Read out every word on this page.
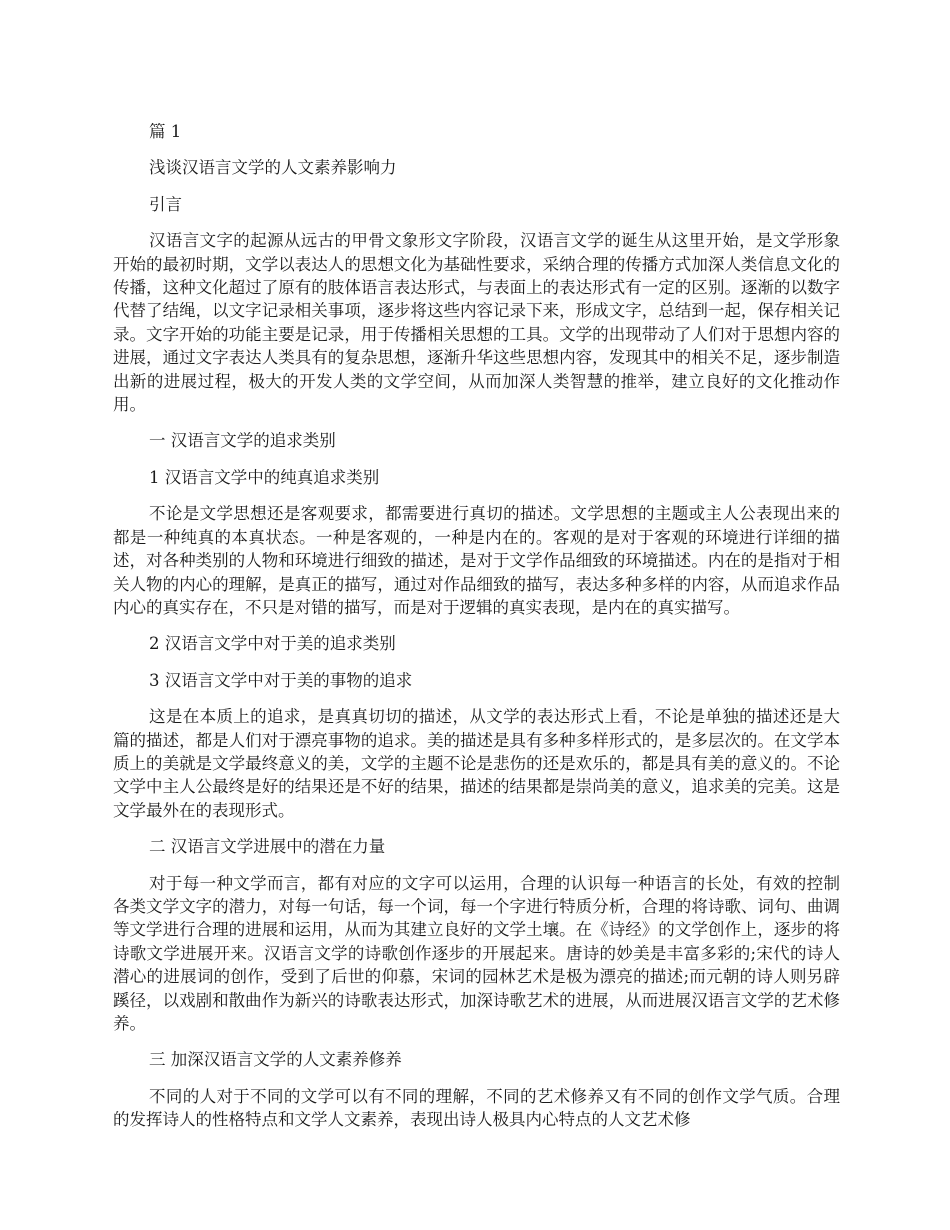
篇 1

浅谈汉语言文学的人文素养影响力

引言

汉语言文字的起源从远古的甲骨文象形文字阶段，汉语言文学的诞生从这里开始，是文学形象开始的最初时期，文学以表达人的思想文化为基础性要求，采纳合理的传播方式加深人类信息文化的传播，这种文化超过了原有的肢体语言表达形式，与表面上的表达形式有一定的区别。逐渐的以数字代替了结绳，以文字记录相关事项，逐步将这些内容记录下来，形成文字，总结到一起，保存相关记录。文字开始的功能主要是记录，用于传播相关思想的工具。文学的出现带动了人们对于思想内容的进展，通过文字表达人类具有的复杂思想，逐渐升华这些思想内容，发现其中的相关不足，逐步制造出新的进展过程，极大的开发人类的文学空间，从而加深人类智慧的推举，建立良好的文化推动作用。

一 汉语言文学的追求类别

1 汉语言文学中的纯真追求类别

不论是文学思想还是客观要求，都需要进行真切的描述。文学思想的主题或主人公表现出来的都是一种纯真的本真状态。一种是客观的，一种是内在的。客观的是对于客观的环境进行详细的描述，对各种类别的人物和环境进行细致的描述，是对于文学作品细致的环境描述。内在的是指对于相关人物的内心的理解，是真正的描写，通过对作品细致的描写，表达多种多样的内容，从而追求作品内心的真实存在，不只是对错的描写，而是对于逻辑的真实表现，是内在的真实描写。

2 汉语言文学中对于美的追求类别

3 汉语言文学中对于美的事物的追求

这是在本质上的追求，是真真切切的描述，从文学的表达形式上看，不论是单独的描述还是大篇的描述，都是人们对于漂亮事物的追求。美的描述是具有多种多样形式的，是多层次的。在文学本质上的美就是文学最终意义的美，文学的主题不论是悲伤的还是欢乐的，都是具有美的意义的。不论文学中主人公最终是好的结果还是不好的结果，描述的结果都是崇尚美的意义，追求美的完美。这是文学最外在的表现形式。

二 汉语言文学进展中的潜在力量

对于每一种文学而言，都有对应的文字可以运用，合理的认识每一种语言的长处，有效的控制各类文学文字的潜力，对每一句话，每一个词，每一个字进行特质分析，合理的将诗歌、词句、曲调等文学进行合理的进展和运用，从而为其建立良好的文学土壤。在《诗经》的文学创作上，逐步的将诗歌文学进展开来。汉语言文学的诗歌创作逐步的开展起来。唐诗的妙美是丰富多彩的;宋代的诗人潜心的进展词的创作，受到了后世的仰慕，宋词的园林艺术是极为漂亮的描述;而元朝的诗人则另辟蹊径，以戏剧和散曲作为新兴的诗歌表达形式，加深诗歌艺术的进展，从而进展汉语言文学的艺术修养。

三 加深汉语言文学的人文素养修养

不同的人对于不同的文学可以有不同的理解，不同的艺术修养又有不同的创作文学气质。合理的发挥诗人的性格特点和文学人文素养，表现出诗人极具内心特点的人文艺术修
